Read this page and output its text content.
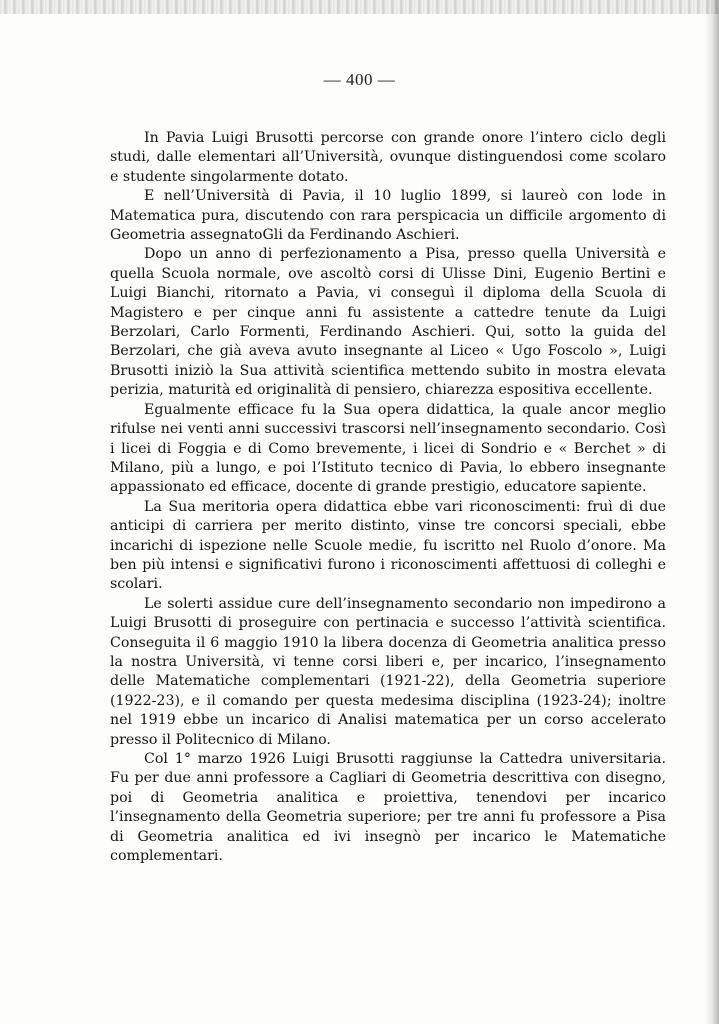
— 400 —

In Pavia Luigi Brusotti percorse con grande onore l’intero ciclo degli studi, dalle elementari all’Università, ovunque distinguendosi come scolaro e studente singolarmente dotato.

E nell’Università di Pavia, il 10 luglio 1899, si laureò con lode in Matematica pura, discutendo con rara perspicacia un difficile argomento di Geometria assegnatoGli da Ferdinando Aschieri.

Dopo un anno di perfezionamento a Pisa, presso quella Università e quella Scuola normale, ove ascoltò corsi di Ulisse Dini, Eugenio Bertini e Luigi Bianchi, ritornato a Pavia, vi conseguì il diploma della Scuola di Magistero e per cinque anni fu assistente a cattedre tenute da Luigi Berzolari, Carlo Formenti, Ferdinando Aschieri. Qui, sotto la guida del Berzolari, che già aveva avuto insegnante al Liceo « Ugo Foscolo », Luigi Brusotti iniziò la Sua attività scientifica mettendo subito in mostra elevata perizia, maturità ed originalità di pensiero, chiarezza espositiva eccellente.

Egualmente efficace fu la Sua opera didattica, la quale ancor meglio rifulse nei venti anni successivi trascorsi nell’insegnamento secondario. Così i licei di Foggia e di Como brevemente, i licei di Sondrio e « Berchet » di Milano, più a lungo, e poi l’Istituto tecnico di Pavia, lo ebbero insegnante appassionato ed efficace, docente di grande prestigio, educatore sapiente.

La Sua meritoria opera didattica ebbe vari riconoscimenti: fruì di due anticipi di carriera per merito distinto, vinse tre concorsi speciali, ebbe incarichi di ispezione nelle Scuole medie, fu iscritto nel Ruolo d’onore. Ma ben più intensi e significativi furono i riconoscimenti affettuosi di colleghi e scolari.

Le solerti assidue cure dell’insegnamento secondario non impedirono a Luigi Brusotti di proseguire con pertinacia e successo l’attività scientifica. Conseguita il 6 maggio 1910 la libera docenza di Geometria analitica presso la nostra Università, vi tenne corsi liberi e, per incarico, l’insegnamento delle Matematiche complementari (1921-22), della Geometria superiore (1922-23), e il comando per questa medesima disciplina (1923-24); inoltre nel 1919 ebbe un incarico di Analisi matematica per un corso accelerato presso il Politecnico di Milano.

Col 1° marzo 1926 Luigi Brusotti raggiunse la Cattedra universitaria. Fu per due anni professore a Cagliari di Geometria descrittiva con disegno, poi di Geometria analitica e proiettiva, tenendovi per incarico l’insegnamento della Geometria superiore; per tre anni fu professore a Pisa di Geometria analitica ed ivi insegnò per incarico le Matematiche complementari.
